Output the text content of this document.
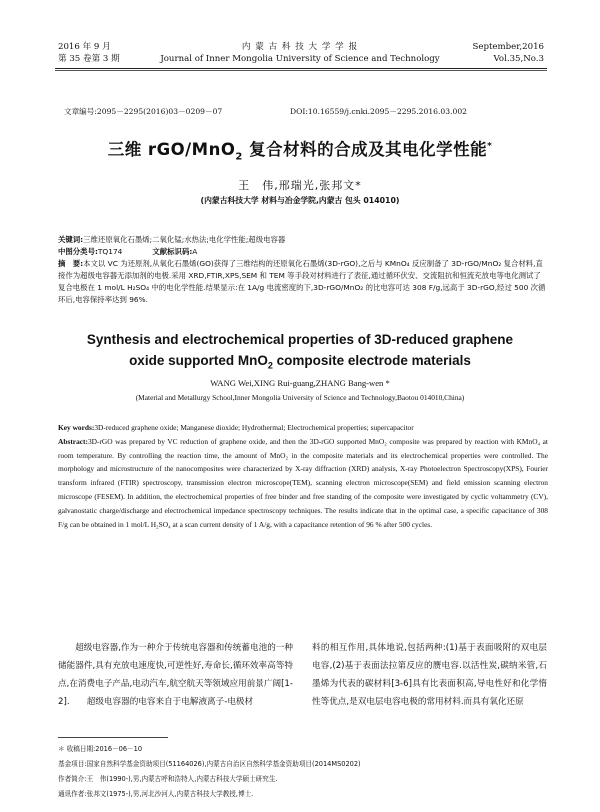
2016 年 9 月
第 35 卷第 3 期
内 蒙 古 科 技 大 学 学 报
Journal of Inner Mongolia University of Science and Technology
September,2016
Vol.35,No.3
文章编号:2095－2295(2016)03－0209－07	DOI:10.16559/j.cnki.2095－2295.2016.03.002
三维 rGO/MnO$_2$ 复合材料的合成及其电化学性能*
王　伟,邢瑞光,张邦文*
(内蒙古科技大学 材料与冶金学院,内蒙古 包头 014010)
关键词:三维还原氧化石墨烯;二氧化锰;水热法;电化学性能;超级电容器
中图分类号:TQ174	文献标识码:A
摘　要:本文以 VC 为还原剂,从氧化石墨烯(GO)获得了三维结构的还原氧化石墨烯(3D-rGO),之后与 KMnO₄ 反应制备了 3D-rGO/MnO₂ 复合材料,直接作为超级电容器无添加剂的电极.采用 XRD,FTIR,XPS,SEM 和 TEM 等手段对材料进行了表征,通过循环伏安、交流阻抗和恒流充放电等电化测试了复合电极在 1 mol/L H₂SO₄ 中的电化学性能.结果显示:在 1A/g 电流密度的下,3D-rGO/MnO₂ 的比电容可达 308 F/g,远高于 3D-rGO,经过 500 次循环后,电容保持率达到 96%.
Synthesis and electrochemical properties of 3D-reduced graphene
oxide supported MnO$_2$ composite electrode materials
WANG Wei,XING Rui-guang,ZHANG Bang-wen *
(Material and Metallurgy School,Inner Mongolia University of Science and Technology,Baotou 014010,China)
Key words:3D-reduced graphene oxide; Manganese dioxide; Hydrothermal; Electrochemical properties; supercapacitor
Abstract:3D-rGO was prepared by VC reduction of graphene oxide, and then the 3D-rGO supported MnO₂ composite was prepared by reaction with KMnO₄ at room temperature. By controlling the reaction time, the amount of MnO₂ in the composite materials and its electrochemical properties were controlled. The morphology and microstructure of the nanocomposites were characterized by X-ray diffraction (XRD) analysis, X-ray Photoelectron Spectroscopy(XPS), Fourier transform infrared (FTIR) spectroscopy, transmission electron microscope(TEM), scanning electron microscope(SEM) and field emission scanning electron microscope (FESEM). In addition, the electrochemical properties of free binder and free standing of the composite were investigated by cyclic voltammetry (CV), galvanostatic charge/discharge and electrochemical impedance spectroscopy techniques. The results indicate that in the optimal case, a specific capacitance of 308 F/g can be obtained in 1 mol/L H₂SO₄ at a scan current density of 1 A/g, with a capacitance retention of 96 % after 500 cycles.
超级电容器,作为一种介于传统电容器和传统蓄电池的一种储能器件,具有充放电速度快,可逆性好,寿命长,循环效率高等特点,在消费电子产品,电动汽车,航空航天等领域应用前景广阔[1-2].　　超级电容器的电容来自于电解液离子-电极材
料的相互作用,具体地说,包括两种:(1)基于表面吸附的双电层电容,(2)基于表面法拉第反应的赝电容.以活性炭,碳纳米管,石墨烯为代表的碳材料[3-6]具有比表面积高,导电性好和化学惰性等优点,是双电层电容电极的常用材料.而具有氧化还原
＊ 收稿日期:2016－06－10
基金项目:国家自然科学基金资助项目(51164026),内蒙古自治区自然科学基金资助项目(2014MS0202)
作者简介:王　伟(1990-),男,内蒙古呼和浩特人,内蒙古科技大学硕士研究生.
通讯作者:张邦文(1975-),男,河北沙河人,内蒙古科技大学教授,博士.
